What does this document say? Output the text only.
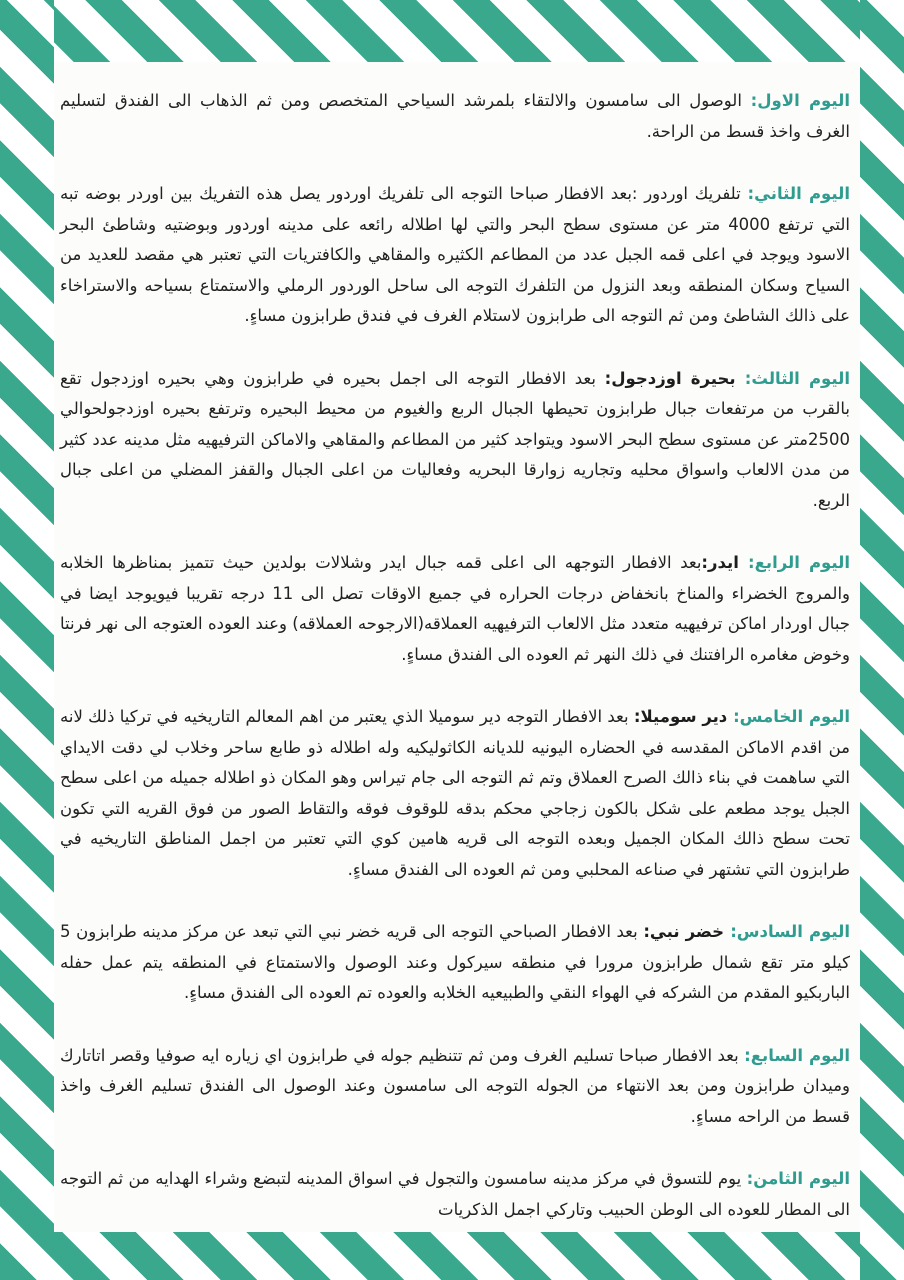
اليوم الاول: الوصول الى سامسون والالتقاء بلمرشد السياحي المتخصص ومن ثم الذهاب الى الفندق لتسليم الغرف واخذ قسط من الراحة.

اليوم الثاني: تلفريك اوردور :بعد الافطار صباحا التوجه الى تلفريك اوردور يصل هذه التفريك بين اوردر بوضه تبه التي ترتفع 4000 متر عن مستوى سطح البحر والتي لها اطلاله رائعه على مدينه اوردور وبوضتيه وشاطئ البحر الاسود ويوجد في اعلى قمه الجبل عدد من المطاعم الكثيره والمقاهي والكافتريات التي تعتبر هي مقصد للعديد من السياح وسكان المنطقه وبعد النزول من التلفرك التوجه الى ساحل الوردور الرملي والاستمتاع بسياحه والاستراخاء على ذالك الشاطئ ومن ثم التوجه الى طرابزون لاستلام الغرف في فندق طرابزون مساءٍ.

اليوم الثالث: بحيرة اوزدجول: بعد الافطار التوجه الى اجمل بحيره في طرابزون وهي بحيره اوزدجول تقع بالقرب من مرتفعات جبال طرابزون تحيطها الجبال الربع والغيوم من محيط البحيره وترتفع بحيره اوزدجولحوالي 2500متر عن مستوى سطح البحر الاسود ويتواجد كثير من المطاعم والمقاهي والاماكن الترفيهيه مثل مدينه عدد كثير من مدن الالعاب واسواق محليه وتجاريه زوارقا البحريه وفعاليات من اعلى الجبال والقفز المضلي من اعلى جبال الربع.

اليوم الرابع: ايدر:بعد الافطار التوجهه الى اعلى قمه جبال ايدر وشلالات بولدين حيث تتميز بمناظرها الخلابه والمروج الخضراء والمناخ بانخفاض درجات الحراره في جميع الاوقات تصل الى 11 درجه تقريبا فيويوجد ايضا في جبال اوردار اماكن ترفيهيه متعدد مثل الالعاب الترفيهيه العملاقه(الارجوحه العملاقه) وعند العوده العتوجه الى نهر فرنتا وخوض مغامره الرافتنك في ذلك النهر ثم العوده الى الفندق مساءٍ.

اليوم الخامس: دير سوميلا: بعد الافطار التوجه دير سوميلا الذي يعتبر من اهم المعالم التاريخيه في تركيا ذلك لانه من اقدم الاماكن المقدسه في الحضاره اليونيه للديانه الكاثوليكيه وله اطلاله ذو طابع ساحر وخلاب لي دقت الايداي التي ساهمت في بناء ذالك الصرح العملاق وتم ثم التوجه الى جام تيراس وهو المكان ذو اطلاله جميله من اعلى سطح الجبل يوجد مطعم على شكل بالكون زجاجي محكم بدقه للوقوف فوقه والتقاط الصور من فوق القريه التي تكون تحت سطح ذالك المكان الجميل وبعده التوجه الى قريه هامين كوي التي تعتبر من اجمل المناطق التاريخيه في طرابزون التي تشتهر في صناعه المحلبي ومن ثم العوده الى الفندق مساءٍ.

اليوم السادس: خضر نبي: بعد الافطار الصباحي التوجه الى قريه خضر نبي التي تبعد عن مركز مدينه طرابزون 5 كيلو متر تقع شمال طرابزون مرورا في منطقه سيركول وعند الوصول والاستمتاع في المنطقه يتم عمل حفله الباربكيو المقدم من الشركه في الهواء النقي والطبيعيه الخلابه والعوده تم العوده الى الفندق مساءٍ.

اليوم السابع: بعد الافطار صباحا تسليم الغرف ومن ثم تتنظيم جوله في طرابزون اي زياره ايه صوفيا وقصر اتاتارك وميدان طرابزون ومن بعد الانتهاء من الجوله التوجه الى سامسون وعند الوصول الى الفندق تسليم الغرف واخذ قسط من الراحه مساءٍ.

اليوم الثامن: يوم للتسوق في مركز مدينه سامسون والتجول في اسواق المدينه لتبضع وشراء الهدايه من ثم التوجه الى المطار للعوده الى الوطن الحبيب وتاركي اجمل الذكريات
